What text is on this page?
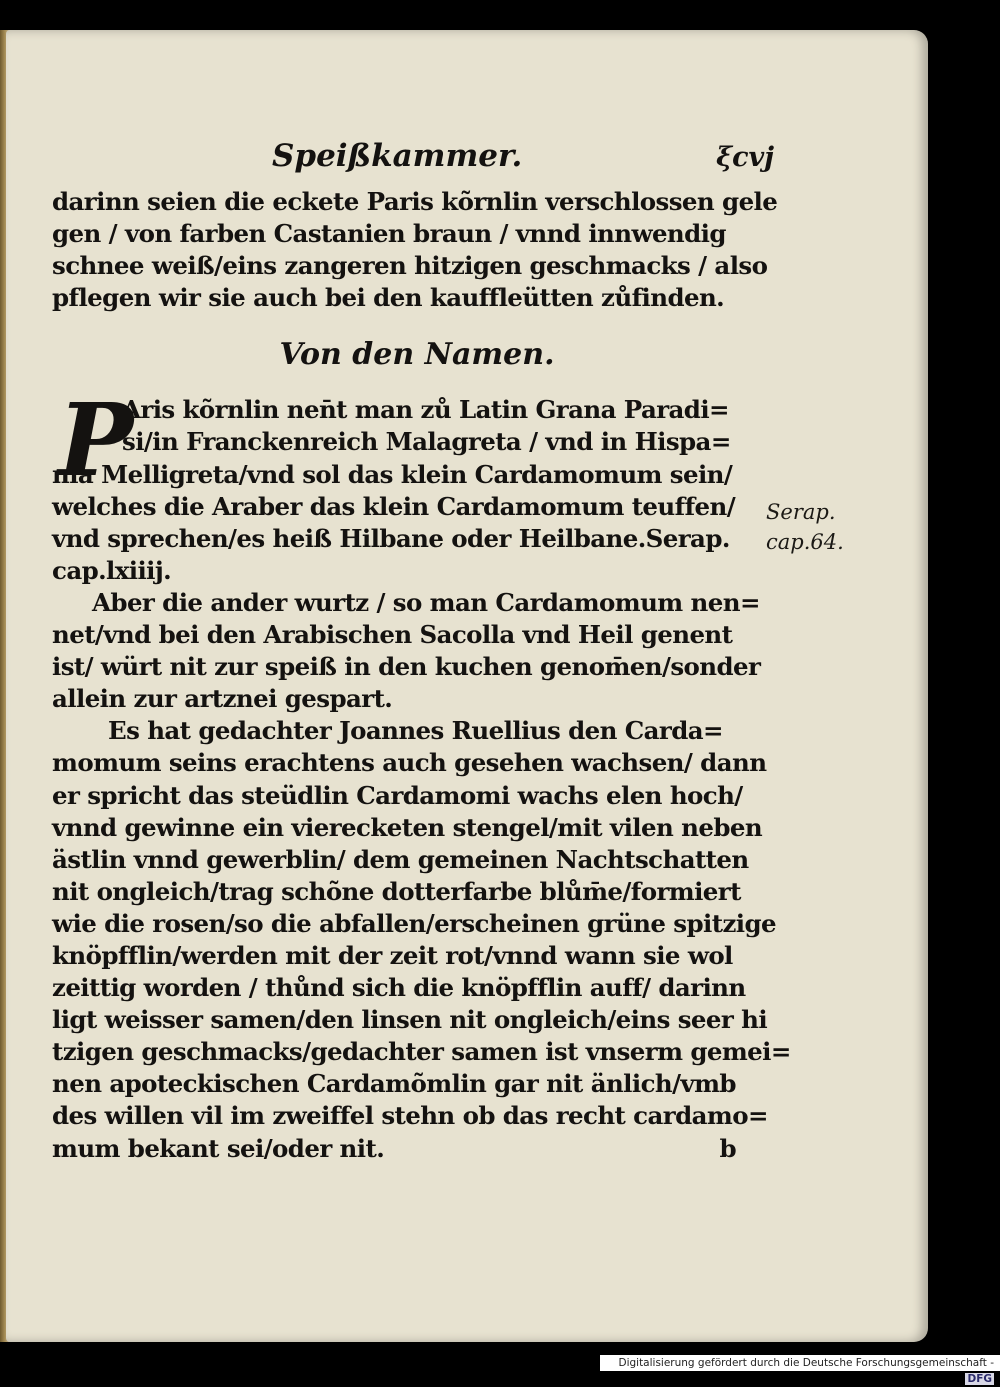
Serap.
cap.64.
Speißkammer.	ξcvj
darinn seien die eckete Paris kõrnlin verschlossen gele
gen / von farben Castanien braun / vnnd innwendig
schnee weiß/eins zangeren hitzigen geschmacks / also
pflegen wir sie auch bei den kauffleütten zůfinden.
Von den Namen.
P
Aris kõrnlin nen̄t man zů Latin Grana Paradi=
si/in Franckenreich Malagreta / vnd in Hispa=
nia Melligreta/vnd sol das klein Cardamomum sein/
welches die Araber das klein Cardamomum teuffen/
vnd sprechen/es heiß Hilbane oder Heilbane.Serap.
cap.lxiiij.
Aber die ander wurtz / so man Cardamomum nen=
net/vnd bei den Arabischen Sacolla vnd Heil genent
ist/ würt nit zur speiß in den kuchen genom̄en/sonder
allein zur artznei gespart.
Es hat gedachter Joannes Ruellius den Carda=
momum seins erachtens auch gesehen wachsen/ dann
er spricht das steüdlin Cardamomi wachs elen hoch/
vnnd gewinne ein vierecketen stengel/mit vilen neben
ästlin vnnd gewerblin/ dem gemeinen Nachtschatten
nit ongleich/trag schõne dotterfarbe blům̄e/formiert
wie die rosen/so die abfallen/erscheinen grüne spitzige
knöpfflin/werden mit der zeit rot/vnnd wann sie wol
zeittig worden / thůnd sich die knöpfflin auff/ darinn
ligt weisser samen/den linsen nit ongleich/eins seer hi
tzigen geschmacks/gedachter samen ist vnserm gemei=
nen apoteckischen Cardamõmlin gar nit änlich/vmb
des willen vil im zweiffel stehn ob das recht cardamo=
mum bekant sei/oder nit.	b
Digitalisierung gefördert durch die Deutsche Forschungsgemeinschaft -DFG
